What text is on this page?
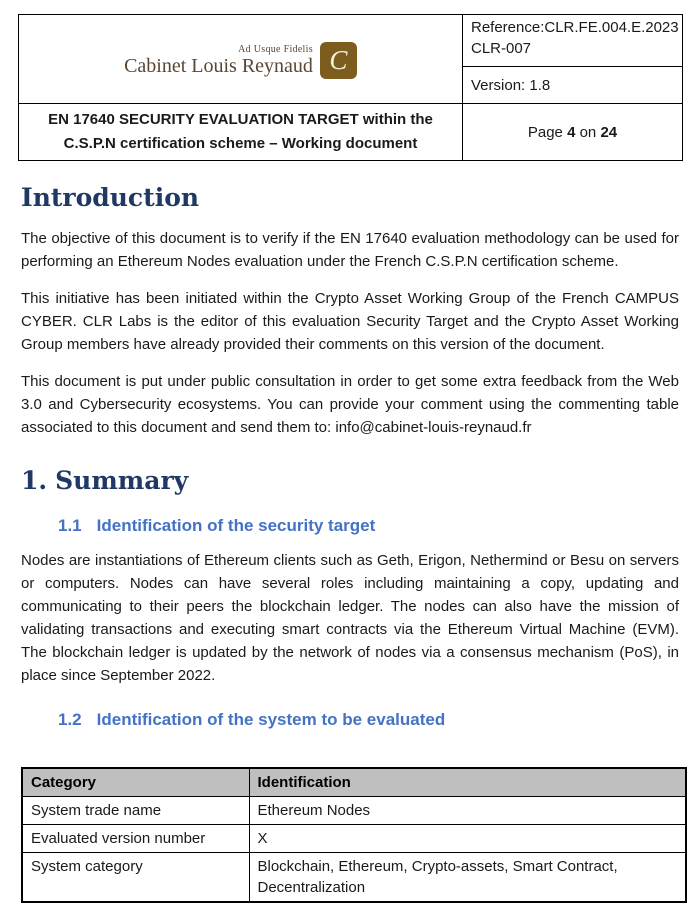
Ad Usque Fidelis
Cabinet Louis Reynaud C

Reference:CLR.FE.004.E.2023
CLR-007

	Version: 1.8
EN 17640 SECURITY EVALUATION TARGET within the C.S.P.N certification scheme – Working document	Page 4 on 24
Introduction

The objective of this document is to verify if the EN 17640 evaluation methodology can be used for performing an Ethereum Nodes evaluation under the French C.S.P.N certification scheme.

This initiative has been initiated within the Crypto Asset Working Group of the French CAMPUS CYBER. CLR Labs is the editor of this evaluation Security Target and the Crypto Asset Working Group members have already provided their comments on this version of the document.

This document is put under public consultation in order to get some extra feedback from the Web 3.0 and Cybersecurity ecosystems. You can provide your comment using the commenting table associated to this document and send them to: info@cabinet-louis-reynaud.fr

1. Summary
1.1 Identification of the security target

Nodes are instantiations of Ethereum clients such as Geth, Erigon, Nethermind or Besu on servers or computers. Nodes can have several roles including maintaining a copy, updating and communicating to their peers the blockchain ledger. The nodes can also have the mission of validating transactions and executing smart contracts via the Ethereum Virtual Machine (EVM). The blockchain ledger is updated by the network of nodes via a consensus mechanism (PoS), in place since September 2022.

1.2 Identification of the system to be evaluated
Category	Identification
System trade name	Ethereum Nodes
Evaluated version number	X
System category	Blockchain, Ethereum, Crypto-assets, Smart Contract, Decentralization
